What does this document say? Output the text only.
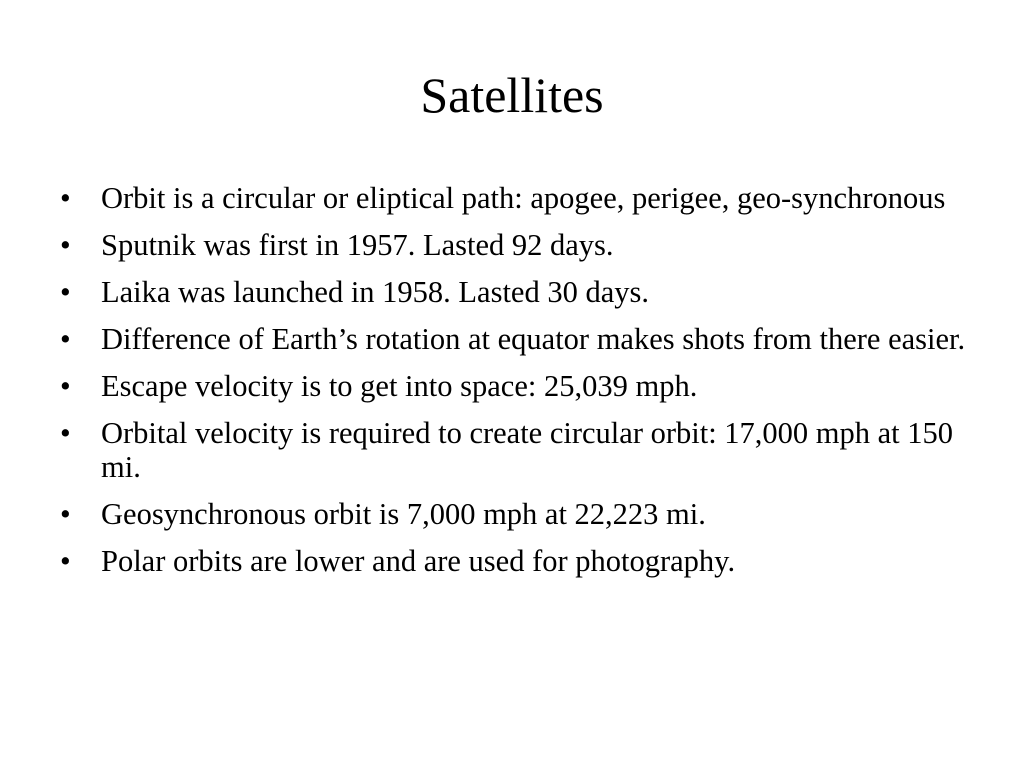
Satellites
• Orbit is a circular or eliptical path: apogee, perigee, geo-synchronous
• Sputnik was first in 1957. Lasted 92 days.
• Laika was launched in 1958. Lasted 30 days.
• Difference of Earth’s rotation at equator makes shots from there easier.
• Escape velocity is to get into space: 25,039 mph.
• Orbital velocity is required to create circular orbit: 17,000 mph at 150 mi.
• Geosynchronous orbit is 7,000 mph at 22,223 mi.
• Polar orbits are lower and are used for photography.
